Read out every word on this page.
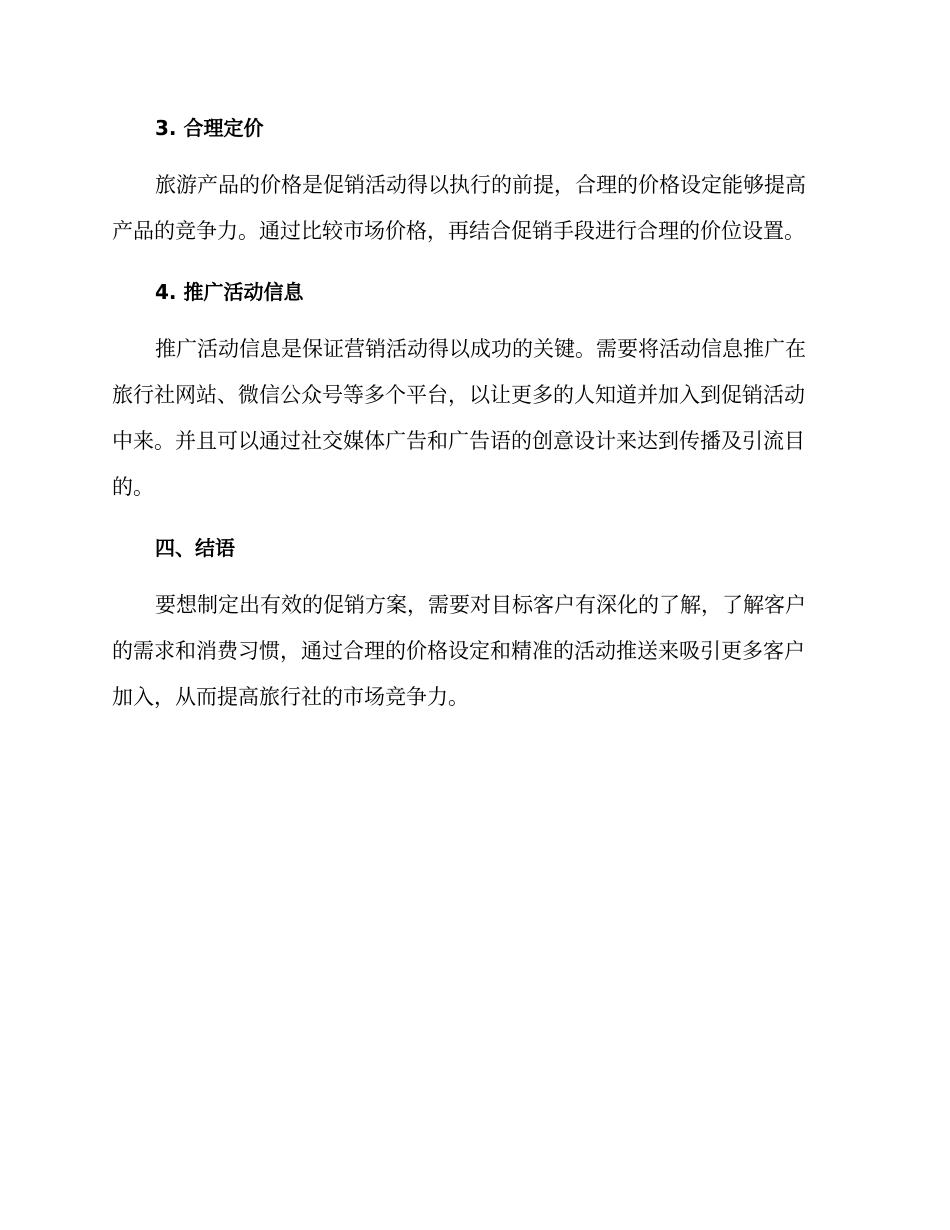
3. 合理定价
旅游产品的价格是促销活动得以执行的前提，合理的价格设定能够提高
产品的竞争力。通过比较市场价格，再结合促销手段进行合理的价位设置。
4. 推广活动信息
推广活动信息是保证营销活动得以成功的关键。需要将活动信息推广在
旅行社网站、微信公众号等多个平台，以让更多的人知道并加入到促销活动
中来。并且可以通过社交媒体广告和广告语的创意设计来达到传播及引流目
的。
四、结语
要想制定出有效的促销方案，需要对目标客户有深化的了解，了解客户
的需求和消费习惯，通过合理的价格设定和精准的活动推送来吸引更多客户
加入，从而提高旅行社的市场竞争力。
